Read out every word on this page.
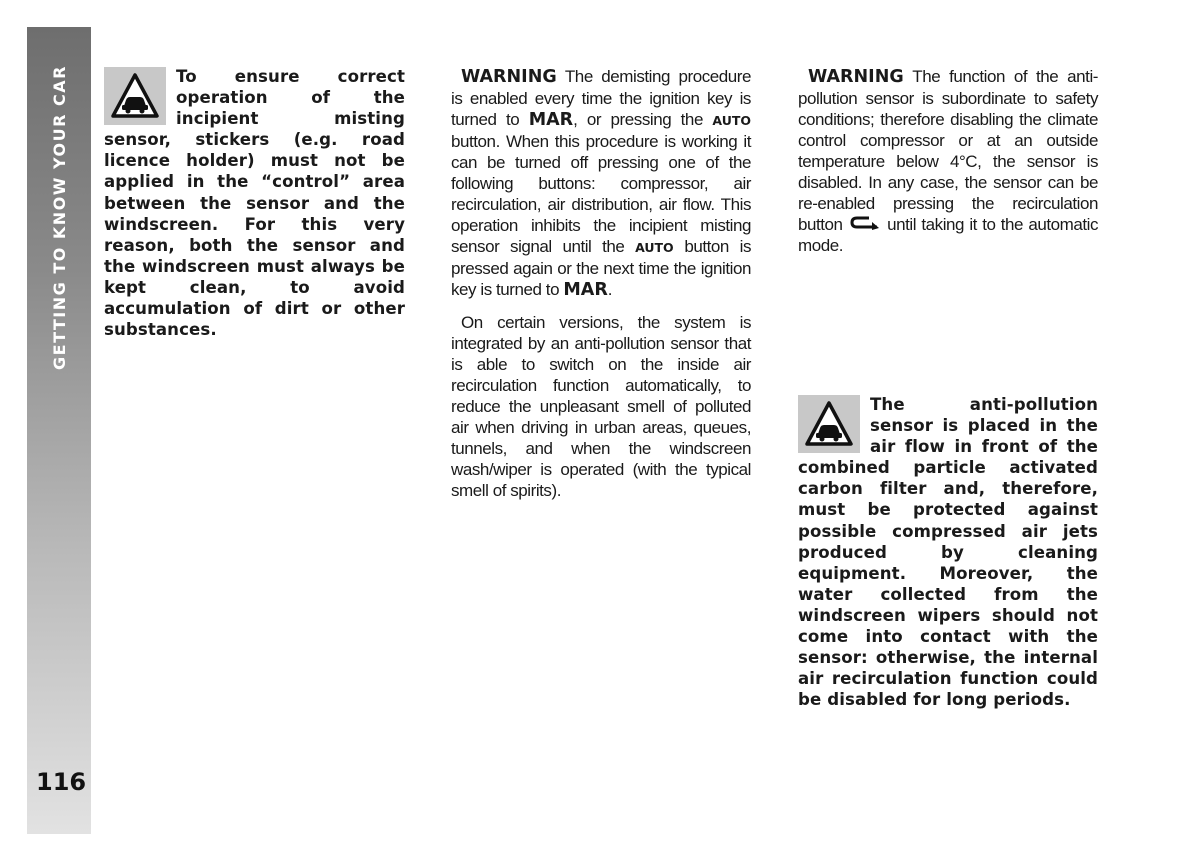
GETTING TO KNOW YOUR CAR
116

To ensure correct operation of the incipient misting sensor, stickers (e.g. road licence holder) must not be applied in the “control” area between the sensor and the windscreen. For this very reason, both the sensor and the windscreen must always be kept clean, to avoid accumulation of dirt or other substances.

WARNING The demisting procedure is enabled every time the ignition key is turned to MAR, or pressing the AUTO button. When this procedure is working it can be turned off pressing one of the following buttons: compressor, air recirculation, air distribution, air flow. This operation inhibits the incipient misting sensor signal until the AUTO button is pressed again or the next time the ignition key is turned to MAR.

On certain versions, the system is integrated by an anti-pollution sensor that is able to switch on the inside air recirculation function automatically, to reduce the unpleasant smell of polluted air when driving in urban areas, queues, tunnels, and when the windscreen wash/wiper is operated (with the typical smell of spirits).

WARNING The function of the anti-pollution sensor is subordinate to safety conditions; therefore disabling the climate control compressor or at an outside temperature below 4°C, the sensor is disabled. In any case, the sensor can be re-enabled pressing the recirculation button  until taking it to the automatic mode.

The anti-pollution sensor is placed in the air flow in front of the combined particle activated carbon filter and, therefore, must be protected against possible compressed air jets produced by cleaning equipment. Moreover, the water collected from the windscreen wipers should not come into contact with the sensor: otherwise, the internal air recirculation function could be disabled for long periods.
